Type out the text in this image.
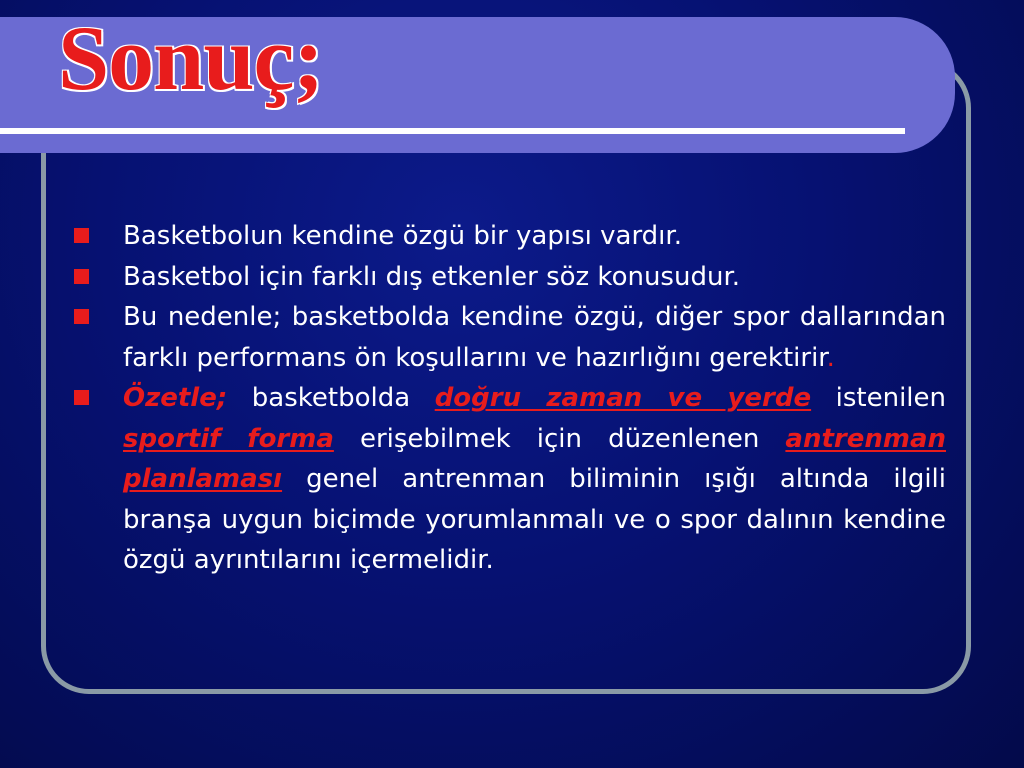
Sonuç;
Basketbolun kendine özgü bir yapısı vardır.
Basketbol için farklı dış etkenler söz konusudur.
Bu nedenle; basketbolda kendine özgü, diğer spor dallarından farklı performans ön koşullarını ve hazırlığını gerektirir.
Özetle; basketbolda doğru zaman ve yerde istenilen sportif forma erişebilmek için düzenlenen antrenman planlaması genel antrenman biliminin ışığı altında ilgili branşa uygun biçimde yorumlanmalı ve o spor dalının kendine özgü ayrıntılarını içermelidir.
